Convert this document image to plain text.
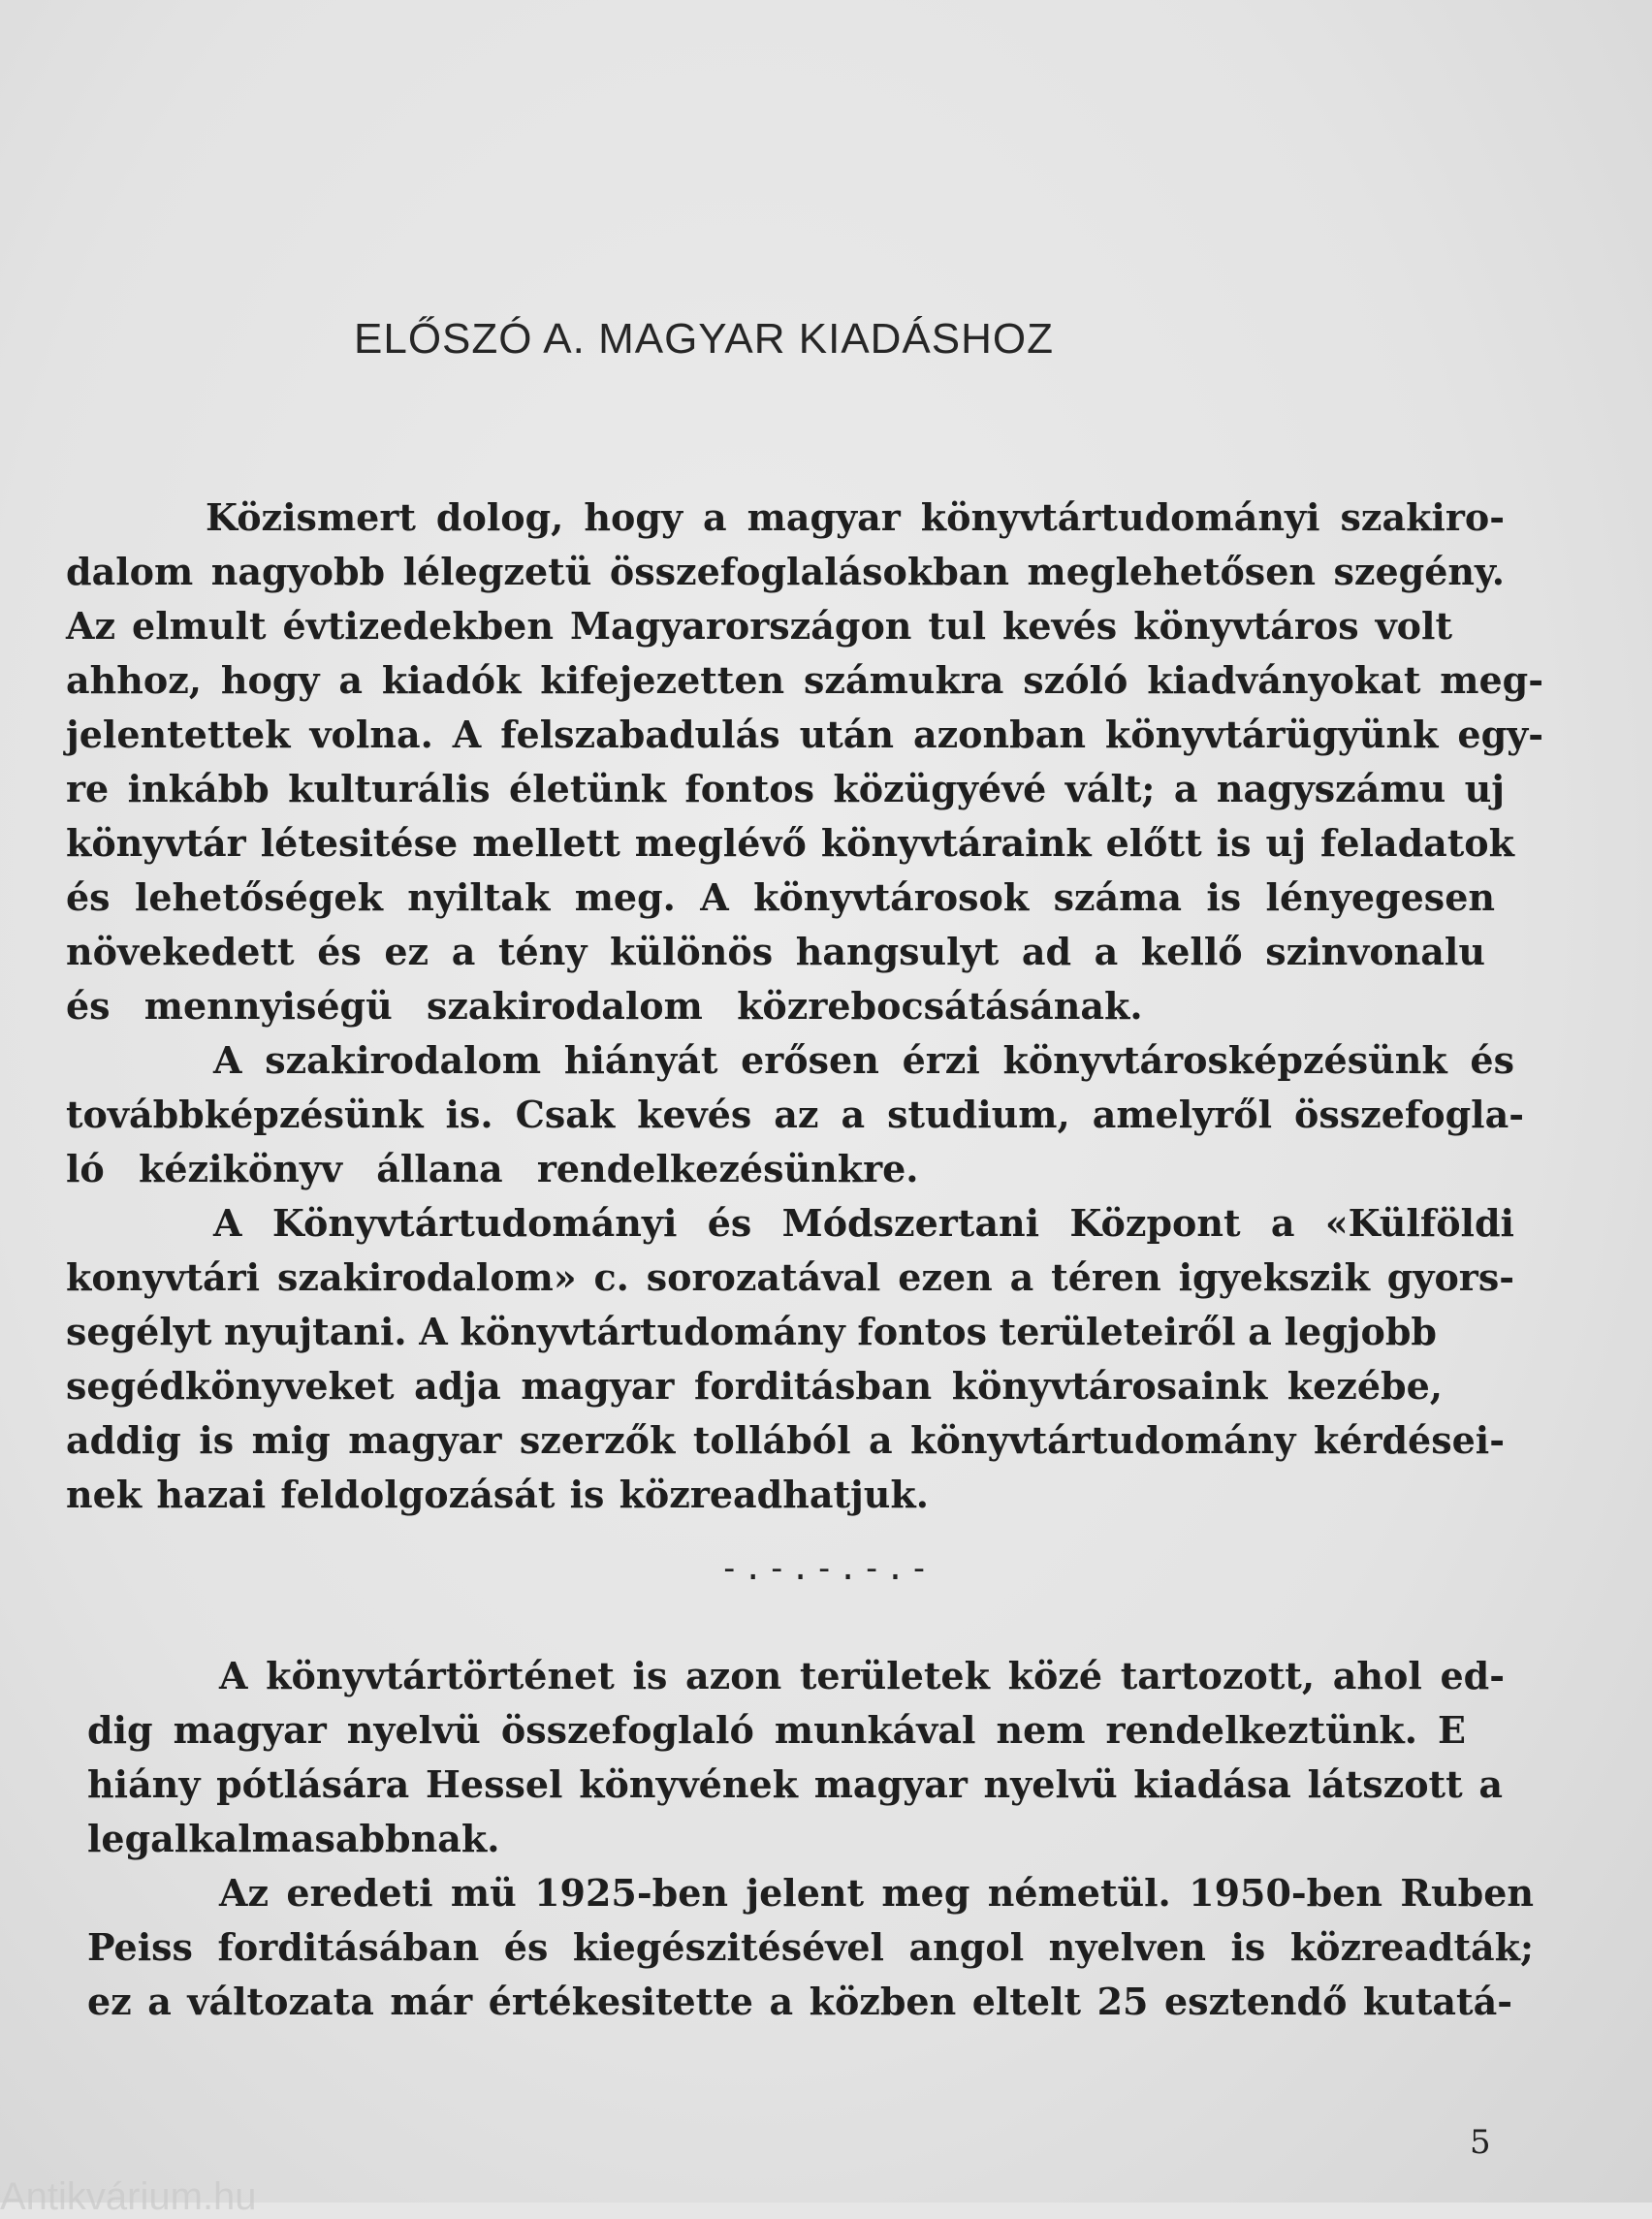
ELŐSZÓ A. MAGYAR KIADÁSHOZ
Közismert dolog, hogy a magyar könyvtártudományi szakiro-
dalom nagyobb lélegzetü összefoglalásokban meglehetősen szegény.
Az elmult évtizedekben Magyarországon tul kevés könyvtáros volt
ahhoz, hogy a kiadók kifejezetten számukra szóló kiadványokat meg-
jelentettek volna. A felszabadulás után azonban könyvtárügyünk egy-
re inkább kulturális életünk fontos közügyévé vált; a nagyszámu uj
könyvtár létesitése mellett meglévő könyvtáraink előtt is uj feladatok
és lehetőségek nyiltak meg. A könyvtárosok száma is lényegesen
növekedett és ez a tény különös hangsulyt ad a kellő szinvonalu
és mennyiségü szakirodalom közrebocsátásának.
A szakirodalom hiányát erősen érzi könyvtárosképzésünk és
továbbképzésünk is. Csak kevés az a studium, amelyről összefogla-
ló kézikönyv állana rendelkezésünkre.
A Könyvtártudományi és Módszertani Központ a «Külföldi
konyvtári szakirodalom» c. sorozatával ezen a téren igyekszik gyors-
segélyt nyujtani. A könyvtártudomány fontos területeiről a legjobb
segédkönyveket adja magyar forditásban könyvtárosaink kezébe,
addig is mig magyar szerzők tollából a könyvtártudomány kérdései-
nek hazai feldolgozását is közreadhatjuk.
-.-.-.-.-
A könyvtártörténet is azon területek közé tartozott, ahol ed-
dig magyar nyelvü összefoglaló munkával nem rendelkeztünk. E
hiány pótlására Hessel könyvének magyar nyelvü kiadása látszott a
legalkalmasabbnak.
Az eredeti mü 1925-ben jelent meg németül. 1950-ben Ruben
Peiss forditásában és kiegészitésével angol nyelven is közreadták;
ez a változata már értékesitette a közben eltelt 25 esztendő kutatá-
5
Antikvárium.hu
